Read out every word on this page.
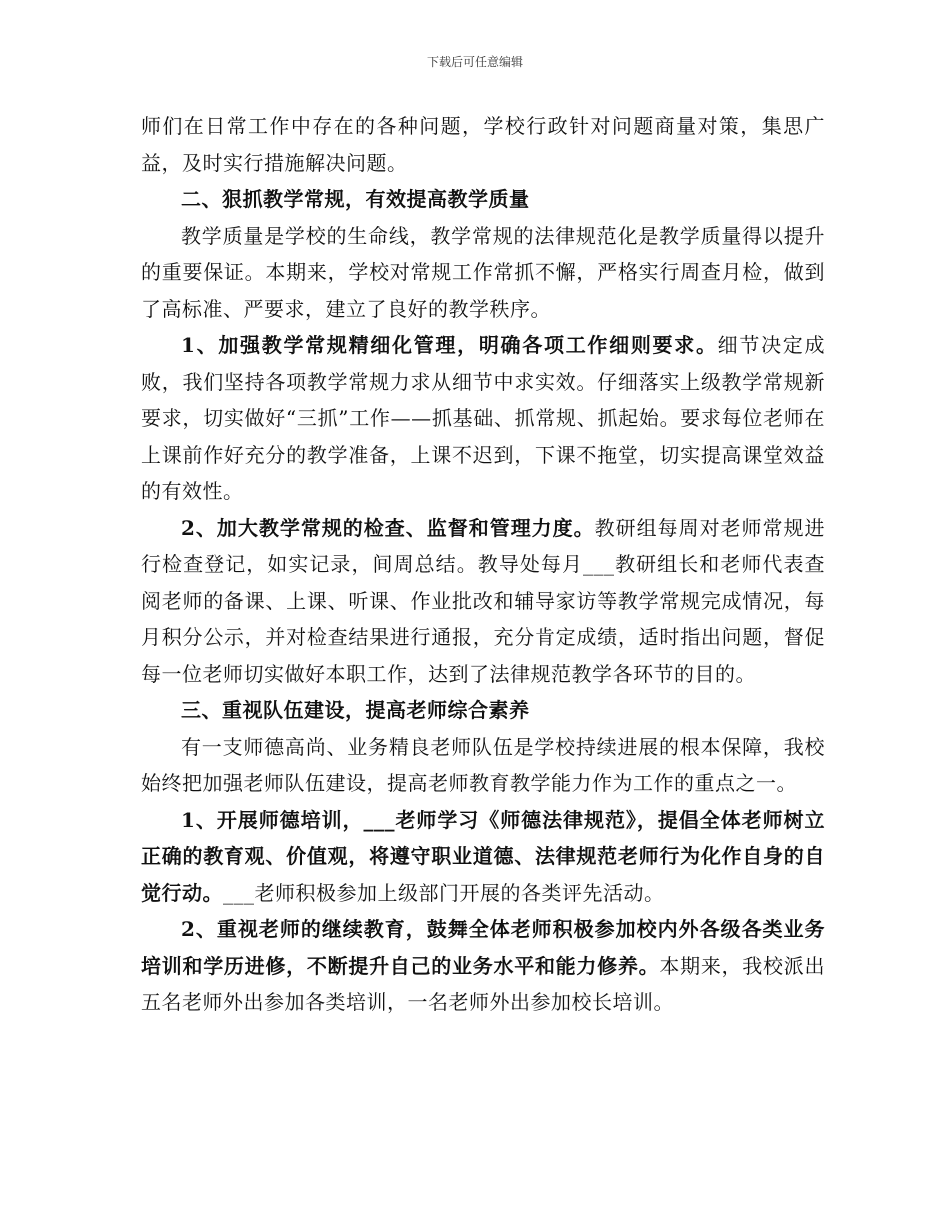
下载后可任意编辑

师们在日常工作中存在的各种问题，学校行政针对问题商量对策，集思广益，及时实行措施解决问题。

二、狠抓教学常规，有效提高教学质量

教学质量是学校的生命线，教学常规的法律规范化是教学质量得以提升的重要保证。本期来，学校对常规工作常抓不懈，严格实行周查月检，做到了高标准、严要求，建立了良好的教学秩序。

1、加强教学常规精细化管理，明确各项工作细则要求。细节决定成败，我们坚持各项教学常规力求从细节中求实效。仔细落实上级教学常规新要求，切实做好“三抓”工作——抓基础、抓常规、抓起始。要求每位老师在上课前作好充分的教学准备，上课不迟到，下课不拖堂，切实提高课堂效益的有效性。

2、加大教学常规的检查、监督和管理力度。教研组每周对老师常规进行检查登记，如实记录，间周总结。教导处每月___教研组长和老师代表查阅老师的备课、上课、听课、作业批改和辅导家访等教学常规完成情况，每月积分公示，并对检查结果进行通报，充分肯定成绩，适时指出问题，督促每一位老师切实做好本职工作，达到了法律规范教学各环节的目的。

三、重视队伍建设，提高老师综合素养

有一支师德高尚、业务精良老师队伍是学校持续进展的根本保障，我校始终把加强老师队伍建设，提高老师教育教学能力作为工作的重点之一。

1、开展师德培训，___老师学习《师德法律规范》，提倡全体老师树立正确的教育观、价值观，将遵守职业道德、法律规范老师行为化作自身的自觉行动。___老师积极参加上级部门开展的各类评先活动。

2、重视老师的继续教育，鼓舞全体老师积极参加校内外各级各类业务培训和学历进修，不断提升自己的业务水平和能力修养。本期来，我校派出五名老师外出参加各类培训，一名老师外出参加校长培训。
